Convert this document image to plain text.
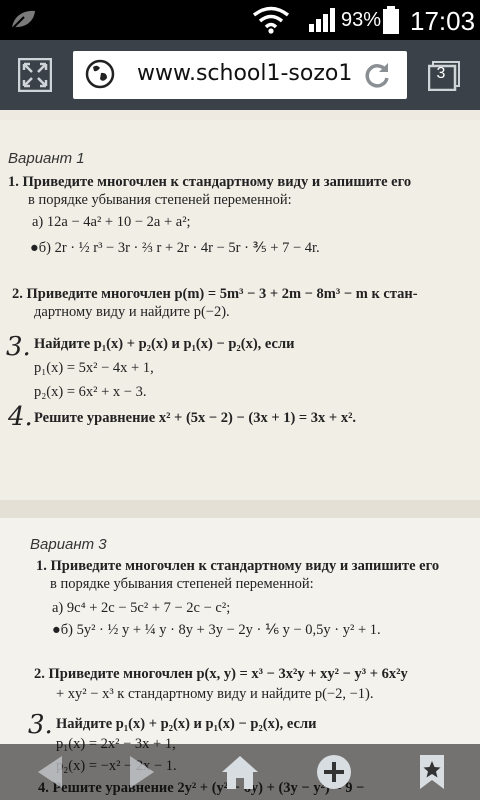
93% 17:03
www.school1-sozo1	3
Вариант 1
1. Приведите многочлен к стандартному виду и запишите его
в порядке убывания степеней переменной:
а) 12a − 4a² + 10 − 2a + a²;
●б) 2r · ½ r³ − 3r · ⅔ r + 2r · 4r − 5r · ⅗ + 7 − 4r.
2. Приведите многочлен p(m) = 5m³ − 3 + 2m − 8m³ − m к стан-
дартному виду и найдите p(−2).
3. Найдите p₁(x) + p₂(x) и p₁(x) − p₂(x), если
p₁(x) = 5x² − 4x + 1,
p₂(x) = 6x² + x − 3.
4. Решите уравнение x² + (5x − 2) − (3x + 1) = 3x + x².
Вариант 3
1. Приведите многочлен к стандартному виду и запишите его
в порядке убывания степеней переменной:
а) 9c⁴ + 2c − 5c² + 7 − 2c − c²;
●б) 5y² · ½ y + ¼ y · 8y + 3y − 2y · ⅙ y − 0,5y · y² + 1.
2. Приведите многочлен p(x, y) = x³ − 3x²y + xy² − y³ + 6x²y
+ xy² − x³ к стандартному виду и найдите p(−2, −1).
3. Найдите p₁(x) + p₂(x) и p₁(x) − p₂(x), если
